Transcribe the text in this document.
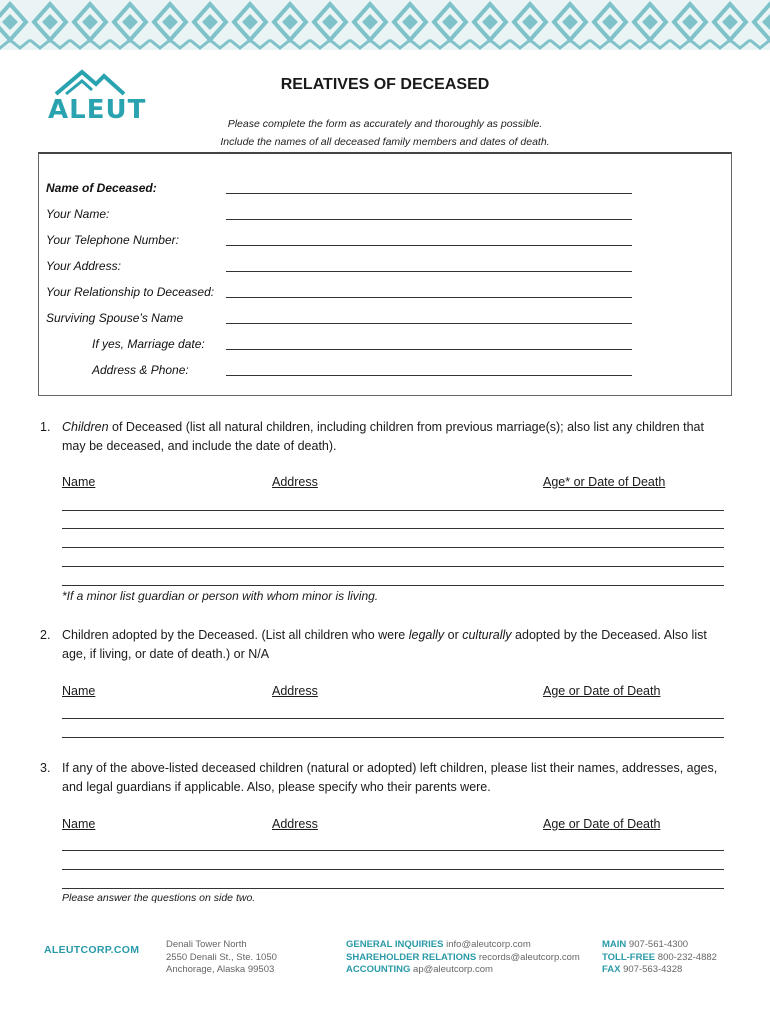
ALEUT
RELATIVES OF DECEASED
Please complete the form as accurately and thoroughly as possible.
Include the names of all deceased family members and dates of death.
Name of Deceased:
Your Name:
Your Telephone Number:
Your Address:
Your Relationship to Deceased:
Surviving Spouse’s Name
If yes, Marriage date:
Address & Phone:
1. Children of Deceased (list all natural children, including children from previous marriage(s); also list any children that may be deceased, and include the date of death).
Name	Address	Age* or Date of Death
*If a minor list guardian or person with whom minor is living.
2. Children adopted by the Deceased. (List all children who were legally or culturally adopted by the Deceased. Also list age, if living, or date of death.) or N/A
Name	Address	Age or Date of Death
3. If any of the above-listed deceased children (natural or adopted) left children, please list their names, addresses, ages, and legal guardians if applicable. Also, please specify who their parents were.
Name	Address	Age or Date of Death
Please answer the questions on side two.
ALEUTCORP.COM	Denali Tower North
2550 Denali St., Ste. 1050
Anchorage, Alaska 99503
GENERAL INQUIRIES info@aleutcorp.com
SHAREHOLDER RELATIONS records@aleutcorp.com
ACCOUNTING ap@aleutcorp.com
MAIN 907-561-4300
TOLL-FREE 800-232-4882
FAX 907-563-4328
